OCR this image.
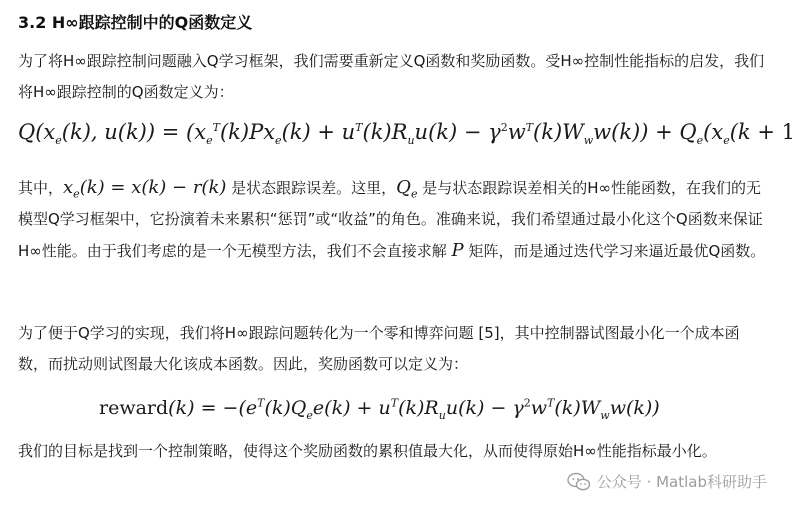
3.2 H∞跟踪控制中的Q函数定义

为了将H∞跟踪控制问题融入Q学习框架，我们需要重新定义Q函数和奖励函数。受H∞控制性能指标的启发，我们将H∞跟踪控制的Q函数定义为：

$Q(x_e(k)$, $u(k)) = (x_e^T(k)Px_e(k) + u^T(k)R_uu(k) - \gamma^2w^T(k)W_ww(k)) + Q_e(x_e(k + 1$

其中，$x_e(k) = x(k) - r(k)$ 是状态跟踪误差。这里，$Q_e$ 是与状态跟踪误差相关的H∞性能函数，在我们的无模型Q学习框架中，它扮演着未来累积“惩罚”或“收益”的角色。准确来说，我们希望通过最小化这个Q函数来保证H∞性能。由于我们考虑的是一个无模型方法，我们不会直接求解 P 矩阵，而是通过迭代学习来逼近最优Q函数。

为了便于Q学习的实现，我们将H∞跟踪问题转化为一个零和博弈问题 [5]，其中控制器试图最小化一个成本函数，而扰动则试图最大化该成本函数。因此，奖励函数可以定义为：

reward(k) = $-(e^T(k)Q_ee(k) + u^T(k)R_uu(k) - \gamma^2w^T(k)W_ww(k))$

我们的目标是找到一个控制策略，使得这个奖励函数的累积值最大化，从而使得原始H∞性能指标最小化。

公众号 · Matlab科研助手
